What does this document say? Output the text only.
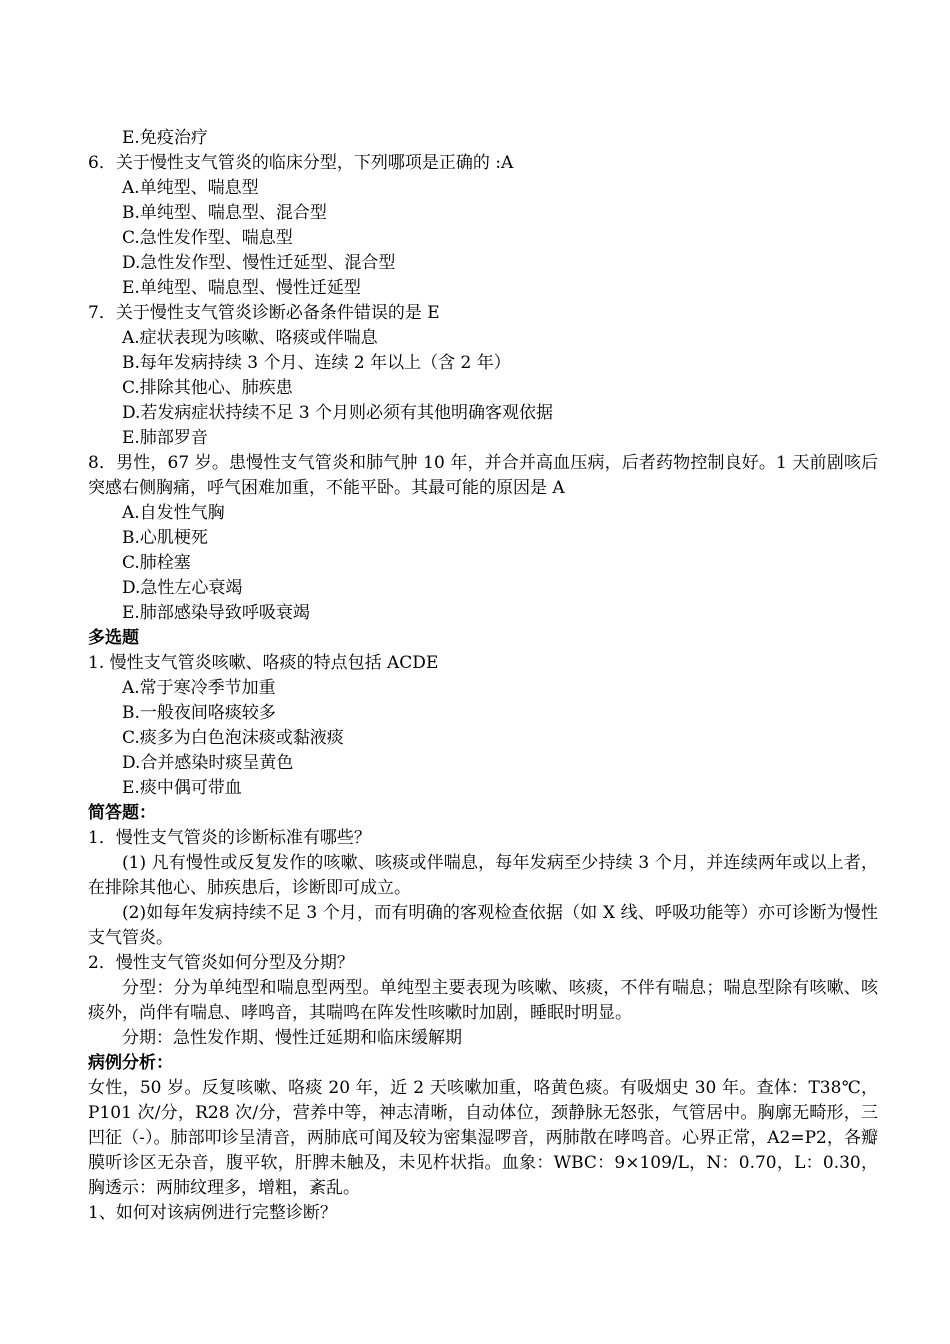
E.免疫治疗
6．关于慢性支气管炎的临床分型，下列哪项是正确的 :A
A.单纯型、喘息型
B.单纯型、喘息型、混合型
C.急性发作型、喘息型
D.急性发作型、慢性迁延型、混合型
E.单纯型、喘息型、慢性迁延型
7．关于慢性支气管炎诊断必备条件错误的是 E
A.症状表现为咳嗽、咯痰或伴喘息
B.每年发病持续 3 个月、连续 2 年以上（含 2 年）
C.排除其他心、肺疾患
D.若发病症状持续不足 3 个月则必须有其他明确客观依据
E.肺部罗音
8．男性，67 岁。患慢性支气管炎和肺气肿 10 年，并合并高血压病，后者药物控制良好。1 天前剧咳后突感右侧胸痛，呼气困难加重，不能平卧。其最可能的原因是 A
A.自发性气胸
B.心肌梗死
C.肺栓塞
D.急性左心衰竭
E.肺部感染导致呼吸衰竭
多选题
1. 慢性支气管炎咳嗽、咯痰的特点包括 ACDE
A.常于寒冷季节加重
B.一般夜间咯痰较多
C.痰多为白色泡沫痰或黏液痰
D.合并感染时痰呈黄色
E.痰中偶可带血
简答题：
1．慢性支气管炎的诊断标准有哪些？
(1) 凡有慢性或反复发作的咳嗽、咳痰或伴喘息，每年发病至少持续 3 个月，并连续两年或以上者，在排除其他心、肺疾患后，诊断即可成立。
(2)如每年发病持续不足 3 个月，而有明确的客观检查依据（如 X 线、呼吸功能等）亦可诊断为慢性支气管炎。
2．慢性支气管炎如何分型及分期？
分型：分为单纯型和喘息型两型。单纯型主要表现为咳嗽、咳痰，不伴有喘息；喘息型除有咳嗽、咳痰外，尚伴有喘息、哮鸣音，其喘鸣在阵发性咳嗽时加剧，睡眠时明显。
分期：急性发作期、慢性迁延期和临床缓解期
病例分析：
女性，50 岁。反复咳嗽、咯痰 20 年，近 2 天咳嗽加重，咯黄色痰。有吸烟史 30 年。查体：T38℃，P101 次/分，R28 次/分，营养中等，神志清晰，自动体位，颈静脉无怒张，气管居中。胸廓无畸形，三凹征（-）。肺部叩诊呈清音，两肺底可闻及较为密集湿啰音，两肺散在哮鸣音。心界正常，A2=P2，各瓣膜听诊区无杂音，腹平软，肝脾未触及，未见杵状指。血象：WBC：9×109/L，N：0.70，L：0.30，胸透示：两肺纹理多，增粗，紊乱。
1、如何对该病例进行完整诊断？
